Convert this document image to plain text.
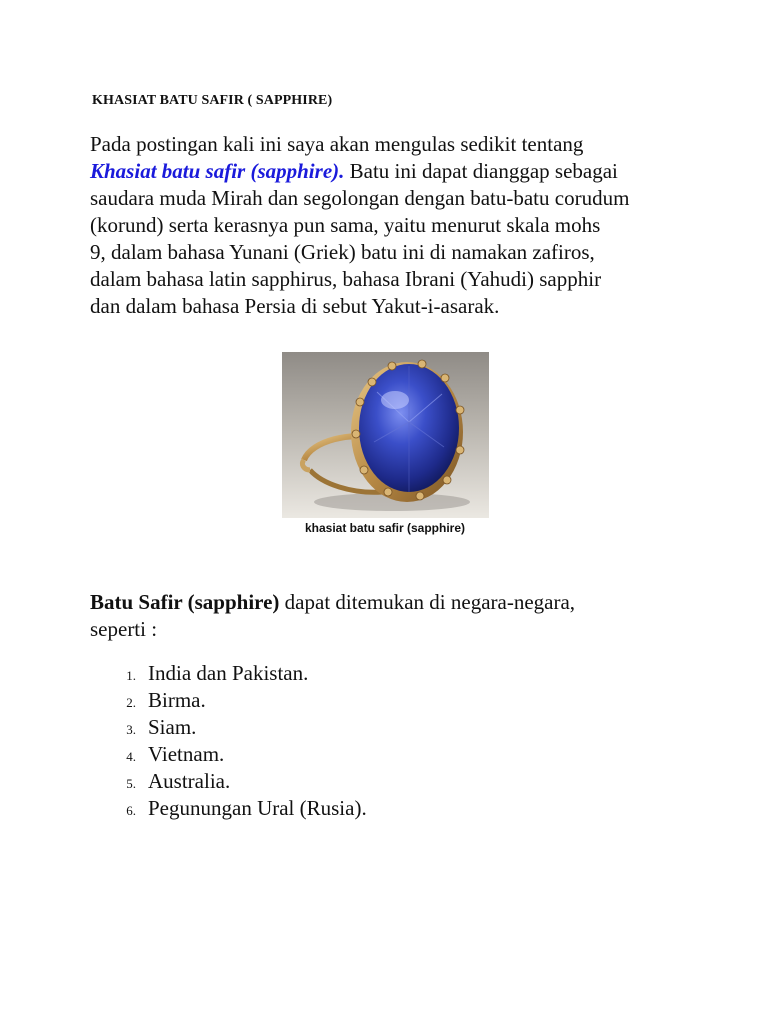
KHASIAT BATU SAFIR ( SAPPHIRE)

Pada postingan kali ini saya akan mengulas sedikit tentang
Khasiat batu safir (sapphire). Batu ini dapat dianggap sebagai
saudara muda Mirah dan segolongan dengan batu-batu corudum
(korund) serta kerasnya pun sama, yaitu menurut skala mohs
9, dalam bahasa Yunani (Griek) batu ini di namakan zafiros,
dalam bahasa latin sapphirus, bahasa Ibrani (Yahudi) sapphir
dan dalam bahasa Persia di sebut Yakut-i-asarak.

khasiat batu safir (sapphire)

Batu Safir (sapphire) dapat ditemukan di negara-negara,
seperti :

1. India dan Pakistan.
2. Birma.
3. Siam.
4. Vietnam.
5. Australia.
6. Pegunungan Ural (Rusia).
